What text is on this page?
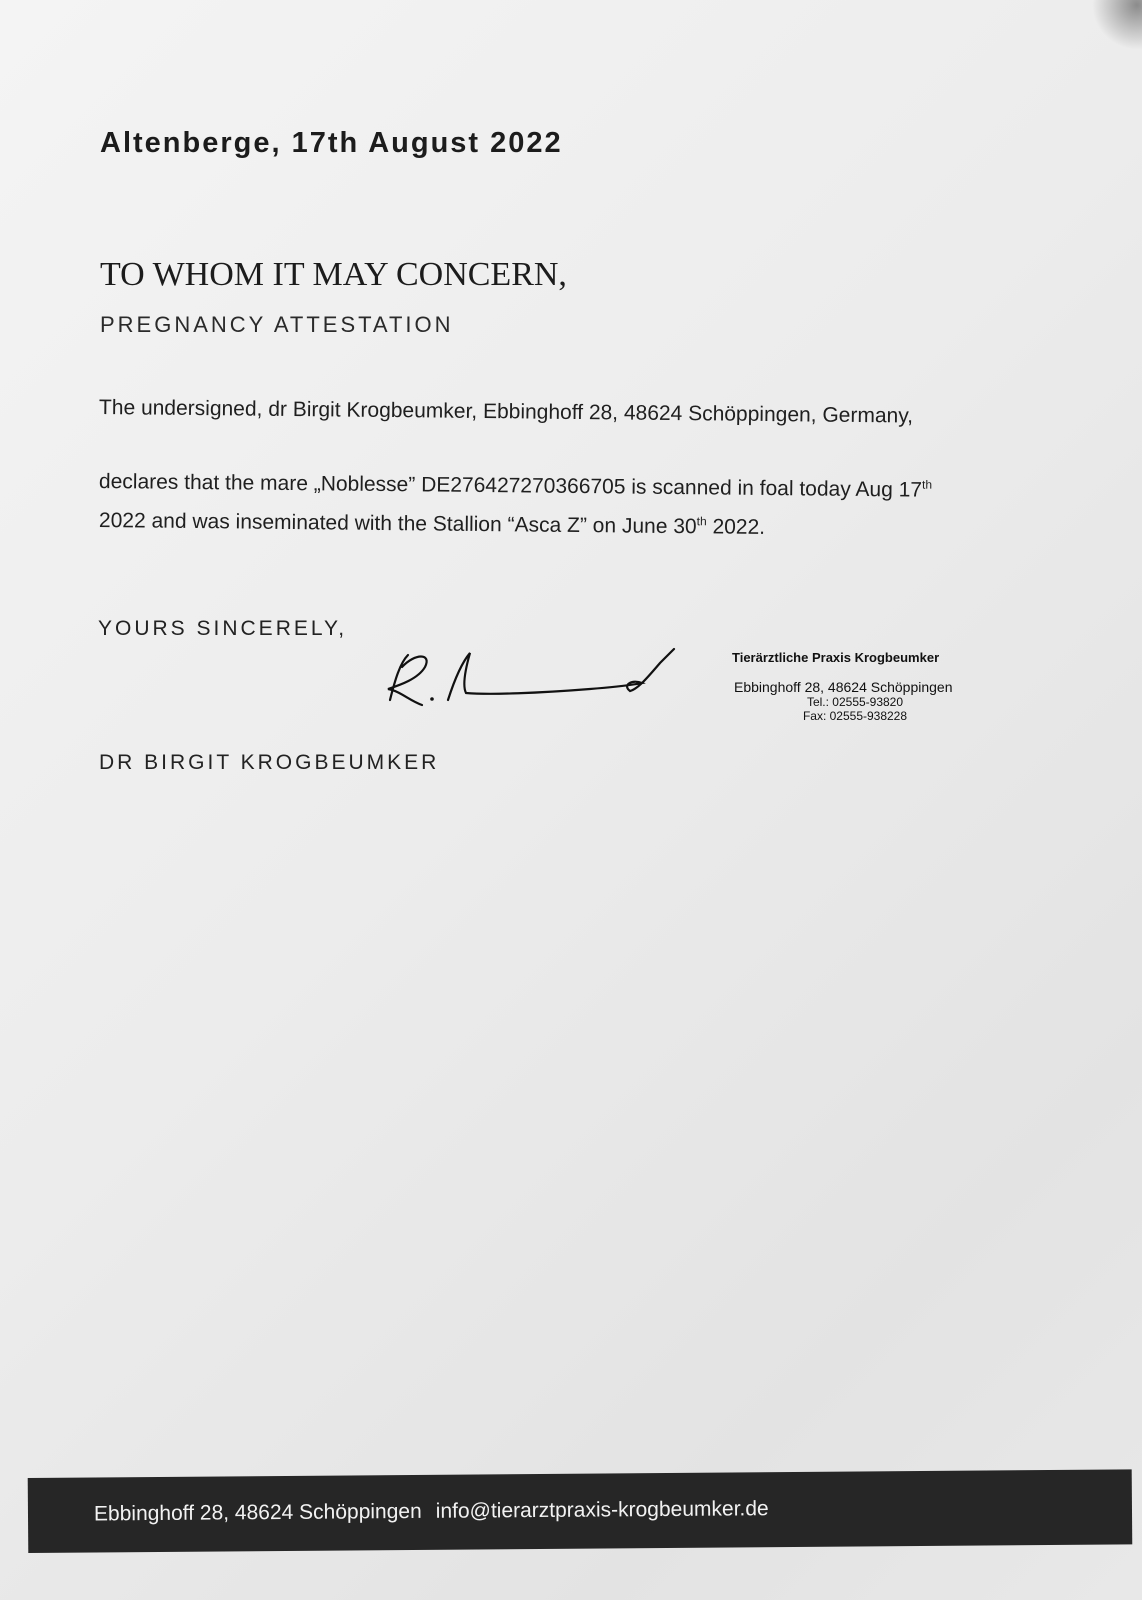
Altenberge, 17th August 2022
TO WHOM IT MAY CONCERN,
PREGNANCY ATTESTATION
The undersigned, dr Birgit Krogbeumker, Ebbinghoff 28, 48624 Schöppingen, Germany,
declares that the mare „Noblesse” DE276427270366705 is scanned in foal today Aug 17th
2022 and was inseminated with the Stallion “Asca Z” on June 30th 2022.
YOURS SINCERELY,
Tierärztliche Praxis Krogbeumker
Ebbinghoff 28, 48624 Schöppingen
Tel.: 02555-93820
Fax: 02555-938228
DR BIRGIT KROGBEUMKER
Ebbinghoff 28, 48624 Schöppingen info@tierarztpraxis-krogbeumker.de
